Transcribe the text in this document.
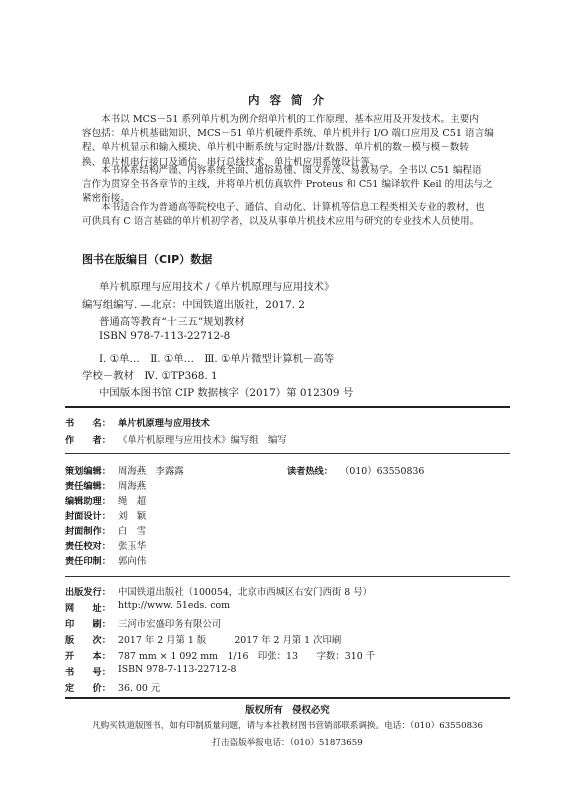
内 容 简 介
本书以 MCS－51 系列单片机为例介绍单片机的工作原理、基本应用及开发技术。主要内
容包括：单片机基础知识、MCS－51 单片机硬件系统、单片机并行 I/O 端口应用及 C51 语言编
程、单片机显示和输入模块、单片机中断系统与定时器/计数器、单片机的数－模与模－数转
换、单片机串行接口及通信、串行总线技术、单片机应用系统设计等。
本书体系结构严谨、内容系统全面、通俗易懂、图文并茂、易教易学。全书以 C51 编程语
言作为贯穿全书各章节的主线，并将单片机仿真软件 Proteus 和 C51 编译软件 Keil 的用法与之
紧密衔接。
本书适合作为普通高等院校电子、通信、自动化、计算机等信息工程类相关专业的教材，也
可供具有 C 语言基础的单片机初学者，以及从事单片机技术应用与研究的专业技术人员使用。
图书在版编目（CIP）数据
单片机原理与应用技术 /《单片机原理与应用技术》
编写组编写. —北京：中国铁道出版社，2017. 2
普通高等教育“十三五”规划教材
ISBN 978-7-113-22712-8
Ⅰ. ①单…　Ⅱ. ①单…　Ⅲ. ①单片微型计算机－高等
学校－教材　Ⅳ. ①TP368. 1
中国版本图书馆 CIP 数据核字（2017）第 012309 号
书　　名： 单片机原理与应用技术
作　　者： 《单片机原理与应用技术》编写组　编写
策划编辑： 周海燕　李露露
责任编辑： 周海燕
编辑助理： 绳　超
封面设计： 刘　颖
封面制作： 白　雪
责任校对： 张玉华
责任印制： 郭向伟
读者热线： （010）63550836
出版发行： 中国铁道出版社（100054，北京市西城区右安门西街 8 号）
网　　址： http://www. 51eds. com
印　　刷： 三河市宏盛印务有限公司
版　　次： 2017 年 2 月第 1 版　　　2017 年 2 月第 1 次印刷
开　　本： 787 mm × 1 092 mm　1/16　印张：13　　字数：310 千
书　　号： ISBN 978-7-113-22712-8
定　　价： 36. 00 元
版权所有　侵权必究
凡购买铁道版图书，如有印制质量问题，请与本社教材图书营销部联系调换。电话：（010）63550836
打击盗版举报电话：（010）51873659
